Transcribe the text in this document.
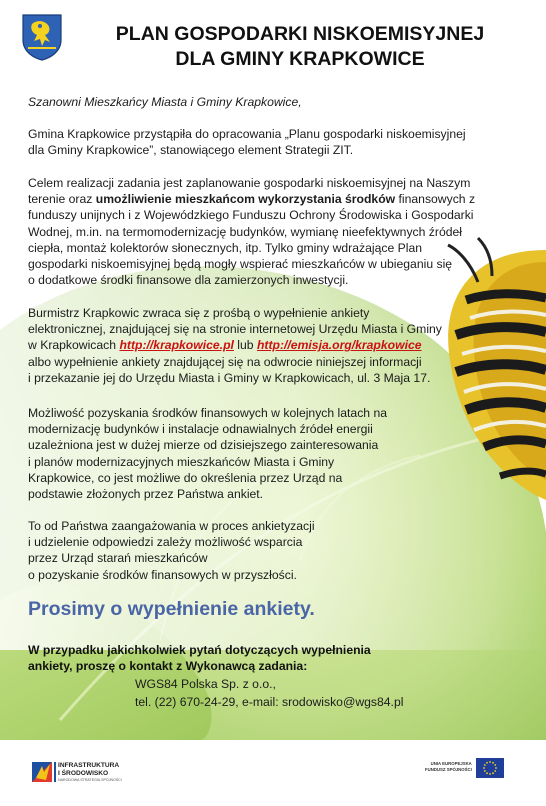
PLAN GOSPODARKI NISKOEMISYJNEJ
DLA GMINY KRAPKOWICE
Szanowni Mieszkańcy Miasta i Gminy Krapkowice,
Gmina Krapkowice przystąpiła do opracowania „Planu gospodarki niskoemisyjnej
dla Gminy Krapkowice”, stanowiącego element Strategii ZIT.
Celem realizacji zadania jest zaplanowanie gospodarki niskoemisyjnej na Naszym
terenie oraz umożliwienie mieszkańcom wykorzystania środków finansowych z
funduszy unijnych i z Wojewódzkiego Funduszu Ochrony Środowiska i Gospodarki
Wodnej, m.in. na termomodernizację budynków, wymianę nieefektywnych źródeł
ciepła, montaż kolektorów słonecznych, itp. Tylko gminy wdrażające Plan
gospodarki niskoemisyjnej będą mogły wspierać mieszkańców w ubieganiu się
o dodatkowe środki finansowe dla zamierzonych inwestycji.
Burmistrz Krapkowic zwraca się z prośbą o wypełnienie ankiety
elektronicznej, znajdującej się na stronie internetowej Urzędu Miasta i Gminy
w Krapkowicach http://krapkowice.pl lub http://emisja.org/krapkowice
albo wypełnienie ankiety znajdującej się na odwrocie niniejszej informacji
i przekazanie jej do Urzędu Miasta i Gminy w Krapkowicach, ul. 3 Maja 17.
Możliwość pozyskania środków finansowych w kolejnych latach na
modernizację budynków i instalacje odnawialnych źródeł energii
uzależniona jest w dużej mierze od dzisiejszego zainteresowania
i planów modernizacyjnych mieszkańców Miasta i Gminy
Krapkowice, co jest możliwe do określenia przez Urząd na
podstawie złożonych przez Państwa ankiet.
To od Państwa zaangażowania w proces ankietyzacji
i udzielenie odpowiedzi zależy możliwość wsparcia
przez Urząd starań mieszkańców
o pozyskanie środków finansowych w przyszłości.
Prosimy o wypełnienie ankiety.
W przypadku jakichkolwiek pytań dotyczących wypełnienia
ankiety, proszę o kontakt z Wykonawcą zadania:
WGS84 Polska Sp. z o.o.,
tel. (22) 670-24-29, e-mail: srodowisko@wgs84.pl
INFRASTRUKTURA
I ŚRODOWISKO
NARODOWA STRATEGIA SPÓJNOŚCI
UNIA EUROPEJSKA
FUNDUSZ SPÓJNOŚCI
